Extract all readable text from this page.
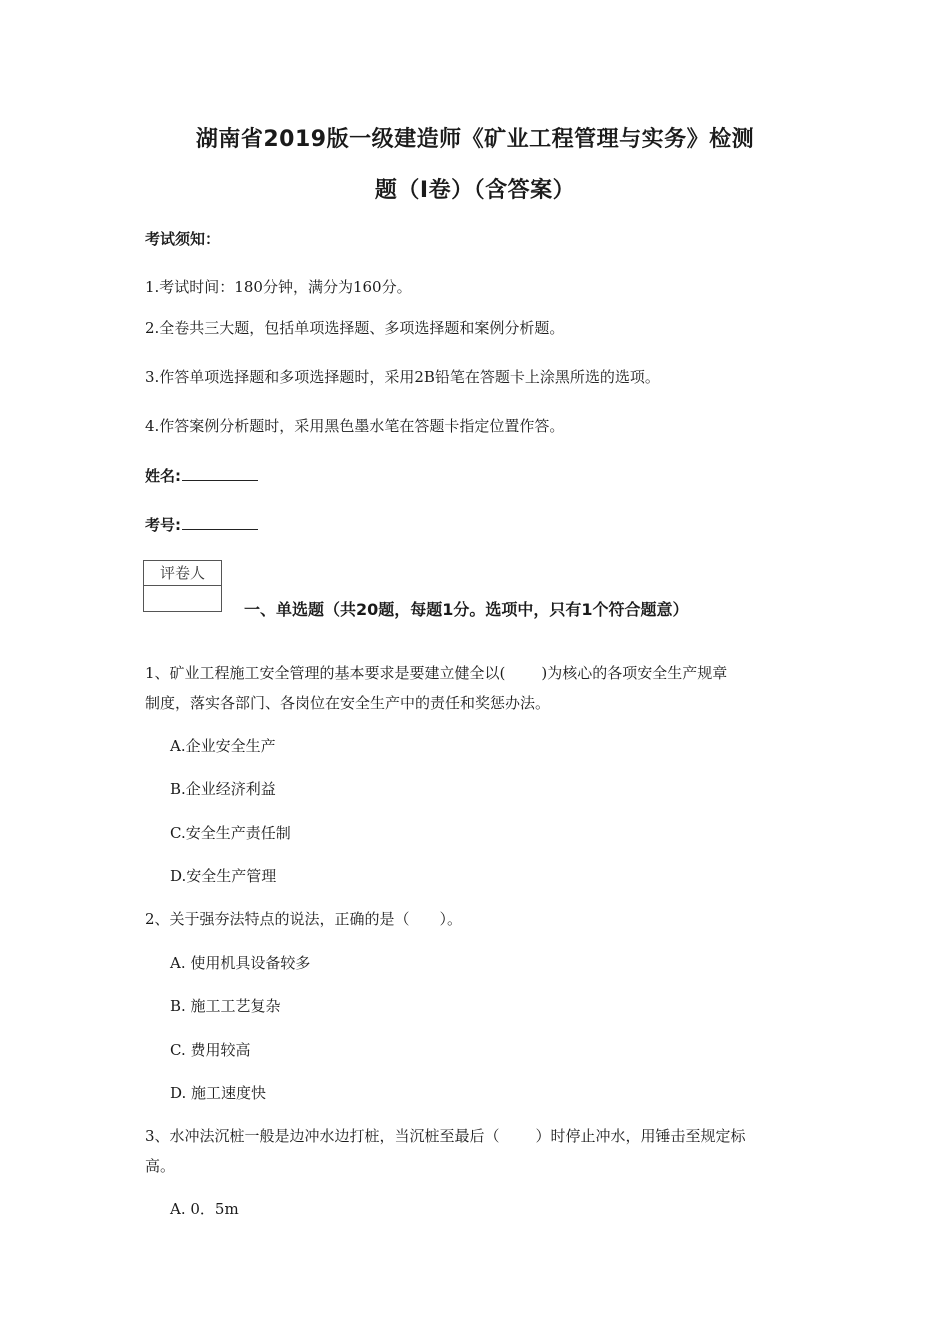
湖南省2019版一级建造师《矿业工程管理与实务》检测
题（I卷）（含答案）
考试须知：
1.考试时间：180分钟，满分为160分。
2.全卷共三大题，包括单项选择题、多项选择题和案例分析题。
3.作答单项选择题和多项选择题时，采用2B铅笔在答题卡上涂黑所选的选项。
4.作答案例分析题时，采用黑色墨水笔在答题卡指定位置作答。
姓名:
考号:
评卷人
一、单选题（共20题，每题1分。选项中，只有1个符合题意）
1、矿业工程施工安全管理的基本要求是要建立健全以( )为核心的各项安全生产规章
制度，落实各部门、各岗位在安全生产中的责任和奖惩办法。
A.企业安全生产
B.企业经济利益
C.安全生产责任制
D.安全生产管理
2、关于强夯法特点的说法，正确的是（　　）。
A. 使用机具设备较多
B. 施工工艺复杂
C. 费用较高
D. 施工速度快
3、水冲法沉桩一般是边冲水边打桩，当沉桩至最后（ ）时停止冲水，用锤击至规定标
高。
A. 0．5m
